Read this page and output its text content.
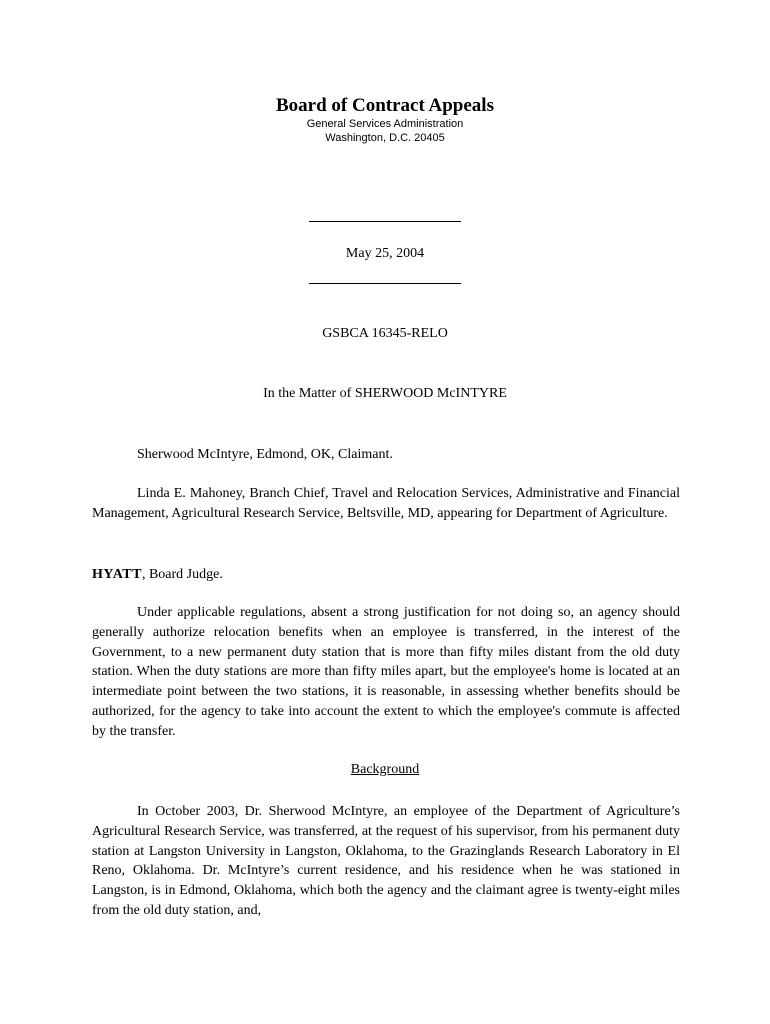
Board of Contract Appeals
General Services Administration
Washington, D.C. 20405
May 25, 2004
GSBCA 16345-RELO
In the Matter of SHERWOOD McINTYRE

Sherwood McIntyre, Edmond, OK, Claimant.

Linda E. Mahoney, Branch Chief, Travel and Relocation Services, Administrative and Financial Management, Agricultural Research Service, Beltsville, MD, appearing for Department of Agriculture.

HYATT, Board Judge.

Under applicable regulations, absent a strong justification for not doing so, an agency should generally authorize relocation benefits when an employee is transferred, in the interest of the Government, to a new permanent duty station that is more than fifty miles distant from the old duty station. When the duty stations are more than fifty miles apart, but the employee's home is located at an intermediate point between the two stations, it is reasonable, in assessing whether benefits should be authorized, for the agency to take into account the extent to which the employee's commute is affected by the transfer.

Background

In October 2003, Dr. Sherwood McIntyre, an employee of the Department of Agriculture’s Agricultural Research Service, was transferred, at the request of his supervisor, from his permanent duty station at Langston University in Langston, Oklahoma, to the Grazinglands Research Laboratory in El Reno, Oklahoma. Dr. McIntyre’s current residence, and his residence when he was stationed in Langston, is in Edmond, Oklahoma, which both the agency and the claimant agree is twenty-eight miles from the old duty station, and,
